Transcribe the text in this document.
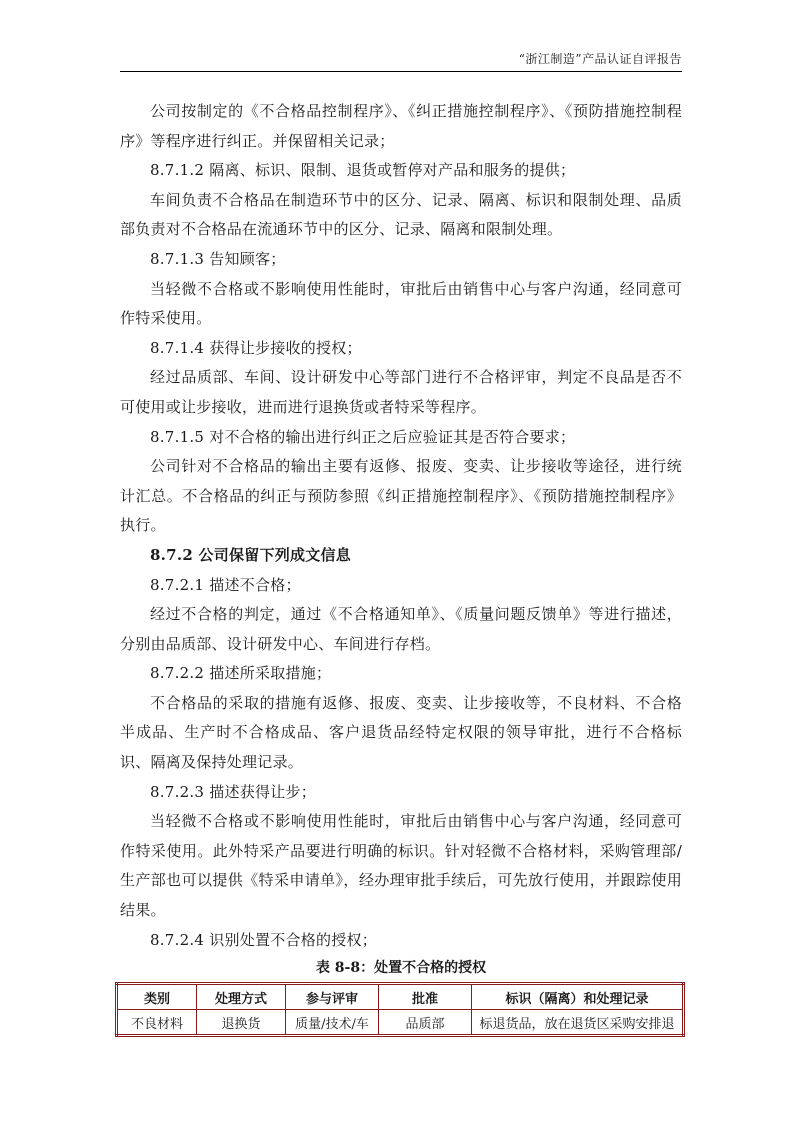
“浙江制造”产品认证自评报告

公司按制定的《不合格品控制程序》、《纠正措施控制程序》、《预防措施控制程序》等程序进行纠正。并保留相关记录；

8.7.1.2 隔离、标识、限制、退货或暂停对产品和服务的提供；

车间负责不合格品在制造环节中的区分、记录、隔离、标识和限制处理、品质部负责对不合格品在流通环节中的区分、记录、隔离和限制处理。

8.7.1.3 告知顾客；

当轻微不合格或不影响使用性能时，审批后由销售中心与客户沟通，经同意可作特采使用。

8.7.1.4 获得让步接收的授权；

经过品质部、车间、设计研发中心等部门进行不合格评审，判定不良品是否不可使用或让步接收，进而进行退换货或者特采等程序。

8.7.1.5 对不合格的输出进行纠正之后应验证其是否符合要求；

公司针对不合格品的输出主要有返修、报废、变卖、让步接收等途径，进行统计汇总。不合格品的纠正与预防参照《纠正措施控制程序》、《预防措施控制程序》执行。

8.7.2 公司保留下列成文信息

8.7.2.1 描述不合格；

经过不合格的判定，通过《不合格通知单》、《质量问题反馈单》等进行描述，分别由品质部、设计研发中心、车间进行存档。

8.7.2.2 描述所采取措施；

不合格品的采取的措施有返修、报废、变卖、让步接收等，不良材料、不合格半成品、生产时不合格成品、客户退货品经特定权限的领导审批，进行不合格标识、隔离及保持处理记录。

8.7.2.3 描述获得让步；

当轻微不合格或不影响使用性能时，审批后由销售中心与客户沟通，经同意可作特采使用。此外特采产品要进行明确的标识。针对轻微不合格材料，采购管理部/生产部也可以提供《特采申请单》，经办理审批手续后，可先放行使用，并跟踪使用结果。

8.7.2.4 识别处置不合格的授权；

表 8-8：处置不合格的授权

类别	处理方式	参与评审	批准	标识（隔离）和处理记录
不良材料	退换货	质量/技术/车	品质部	标退货品，放在退货区采购安排退
